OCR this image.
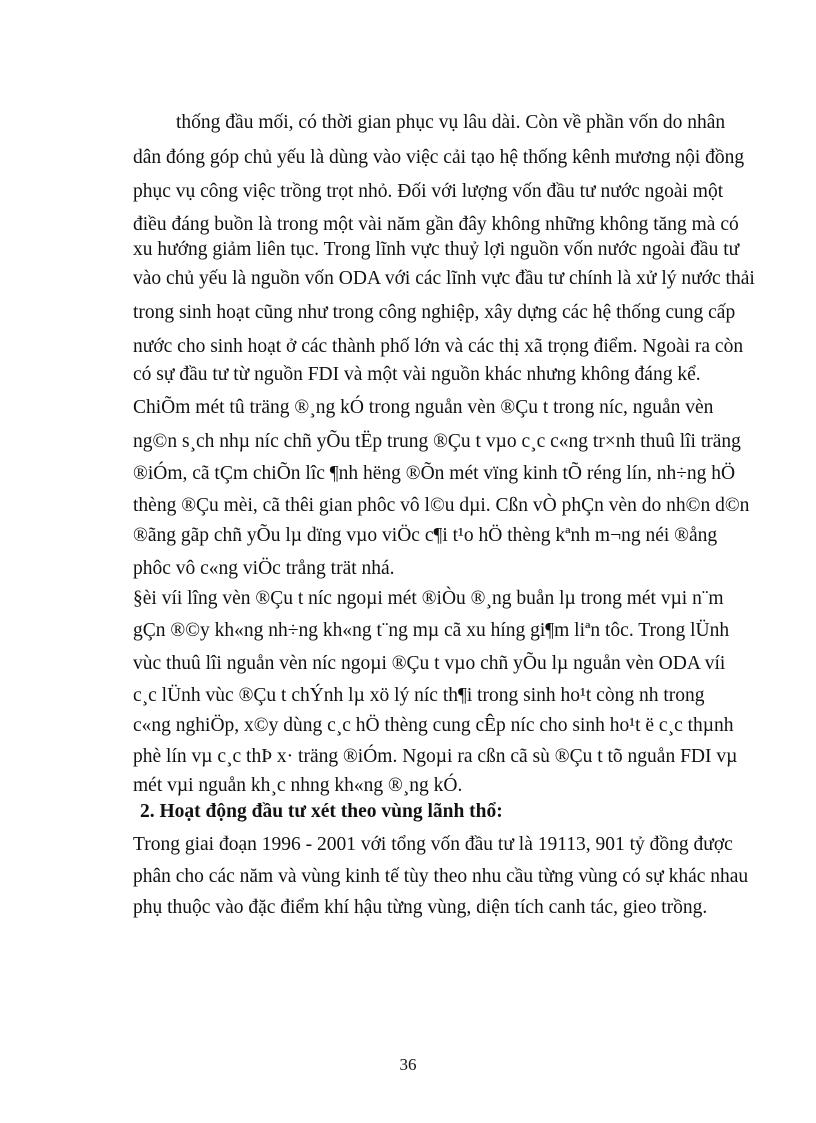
thống đầu mối, có thời gian phục vụ lâu dài. Còn về phần vốn do nhân
dân đóng góp chủ yếu là dùng vào việc cải tạo hệ thống kênh mương nội đồng
phục vụ công việc trồng trọt nhỏ. Đối với lượng vốn đầu tư nước ngoài một
điều đáng buồn là trong một vài năm gần đây không những không tăng mà có
xu hướng giảm liên tục. Trong lĩnh vực thuỷ lợi nguồn vốn nước ngoài đầu tư
vào chủ yếu là nguồn vốn ODA với các lĩnh vực đầu tư chính là xử lý nước thải
trong sinh hoạt cũng như trong công nghiệp, xây dựng các hệ thống cung cấp
nước cho sinh hoạt ở các thành phố lớn và các thị xã trọng điểm. Ngoài ra còn
có sự đầu tư từ nguồn FDI và một vài nguồn khác nhưng không đáng kể.
ChiÕm mét tû träng ®¸ng kÓ trong nguån vèn ®Çu t trong níc, nguån vèn
ng©n s¸ch nhµ níc chñ yÕu tËp trung ®Çu t vµo c¸c c«ng tr×nh thuû lîi träng
®iÓm, cã tÇm chiÕn lîc ¶nh hëng ®Õn mét vïng kinh tÕ réng lín, nh÷ng hÖ
thèng ®Çu mèi, cã thêi gian phôc vô l©u dµi. Cßn vÒ phÇn vèn do nh©n d©n
®ãng gãp chñ yÕu lµ dïng vµo viÖc c¶i t¹o hÖ thèng kªnh m¬ng néi ®ång
phôc vô c«ng viÖc trång trät nhá.
§èi víi lîng vèn ®Çu t níc ngoµi mét ®iÒu ®¸ng buån lµ trong mét vµi n¨m
gÇn ®©y kh«ng nh÷ng kh«ng t¨ng mµ cã xu híng gi¶m liªn tôc. Trong lÜnh
vùc thuû lîi nguån vèn níc ngoµi ®Çu t vµo chñ yÕu lµ nguån vèn ODA víi
c¸c lÜnh vùc ®Çu t chÝnh lµ xö lý níc th¶i trong sinh ho¹t còng nh trong
c«ng nghiÖp, x©y dùng c¸c hÖ thèng cung cÊp níc cho sinh ho¹t ë c¸c thµnh
phè lín vµ c¸c thÞ x· träng ®iÓm. Ngoµi ra cßn cã sù ®Çu t tõ nguån FDI vµ
mét vµi nguån kh¸c nhng kh«ng ®¸ng kÓ.
2. Hoạt động đầu tư xét theo vùng lãnh thổ:
Trong giai đoạn 1996 - 2001 với tổng vốn đầu tư là 19113, 901 tỷ đồng được
phân cho các năm và vùng kinh tế tùy theo nhu cầu từng vùng có sự khác nhau
phụ thuộc vào đặc điểm khí hậu từng vùng, diện tích canh tác, gieo trồng.
36
